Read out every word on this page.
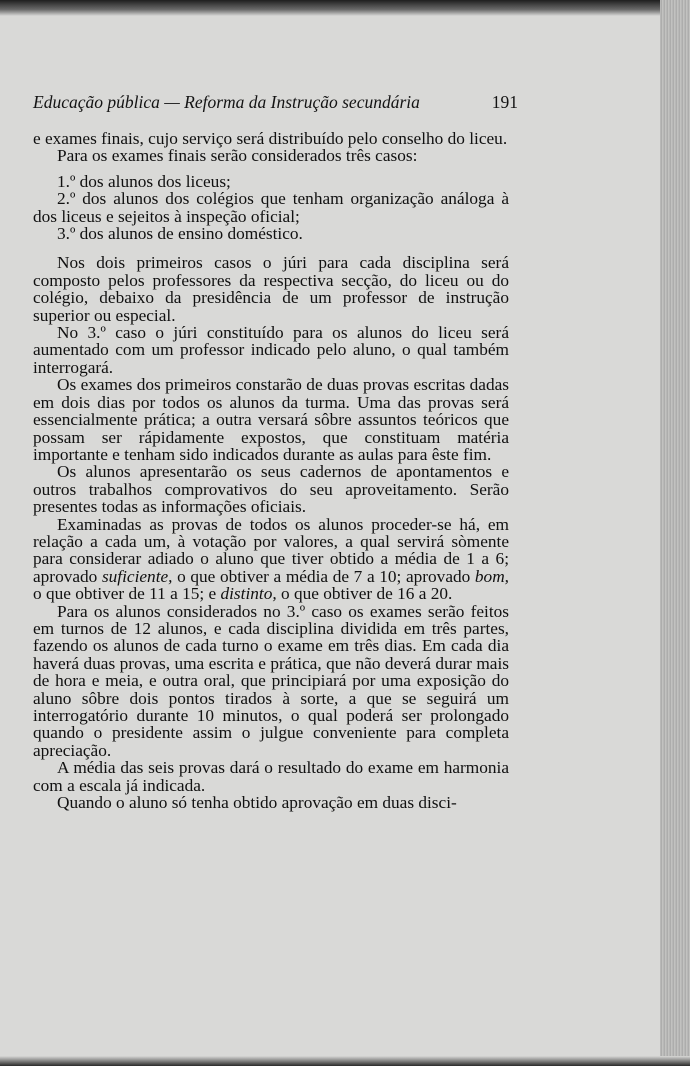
Educação pública — Reforma da Instrução secundária	191

e exames finais, cujo serviço será distribuído pelo conselho do liceu.

Para os exames finais serão considerados três casos:

1.º dos alunos dos liceus;

2.º dos alunos dos colégios que tenham organização análoga à dos liceus e sejeitos à inspeção oficial;

3.º dos alunos de ensino doméstico.

Nos dois primeiros casos o júri para cada disciplina será composto pelos professores da respectiva secção, do liceu ou do colégio, debaixo da presidência de um professor de instrução superior ou especial.

No 3.º caso o júri constituído para os alunos do liceu será aumentado com um professor indicado pelo aluno, o qual também interrogará.

Os exames dos primeiros constarão de duas provas escritas dadas em dois dias por todos os alunos da turma. Uma das provas será essencialmente prática; a outra versará sôbre assuntos teóricos que possam ser rápidamente expostos, que constituam matéria importante e tenham sido indicados durante as aulas para êste fim.

Os alunos apresentarão os seus cadernos de apontamentos e outros trabalhos comprovativos do seu aproveitamento. Serão presentes todas as informações oficiais.

Examinadas as provas de todos os alunos proceder-se há, em relação a cada um, à votação por valores, a qual servirá sòmente para considerar adiado o aluno que tiver obtido a média de 1 a 6; aprovado suficiente, o que obtiver a média de 7 a 10; aprovado bom, o que obtiver de 11 a 15; e distinto, o que obtiver de 16 a 20.

Para os alunos considerados no 3.º caso os exames serão feitos em turnos de 12 alunos, e cada disciplina dividida em três partes, fazendo os alunos de cada turno o exame em três dias. Em cada dia haverá duas provas, uma escrita e prática, que não deverá durar mais de hora e meia, e outra oral, que principiará por uma exposição do aluno sôbre dois pontos tirados à sorte, a que se seguirá um interrogatório durante 10 minutos, o qual poderá ser prolongado quando o presidente assim o julgue conveniente para completa apreciação.

A média das seis provas dará o resultado do exame em harmonia com a escala já indicada.

Quando o aluno só tenha obtido aprovação em duas disci-
